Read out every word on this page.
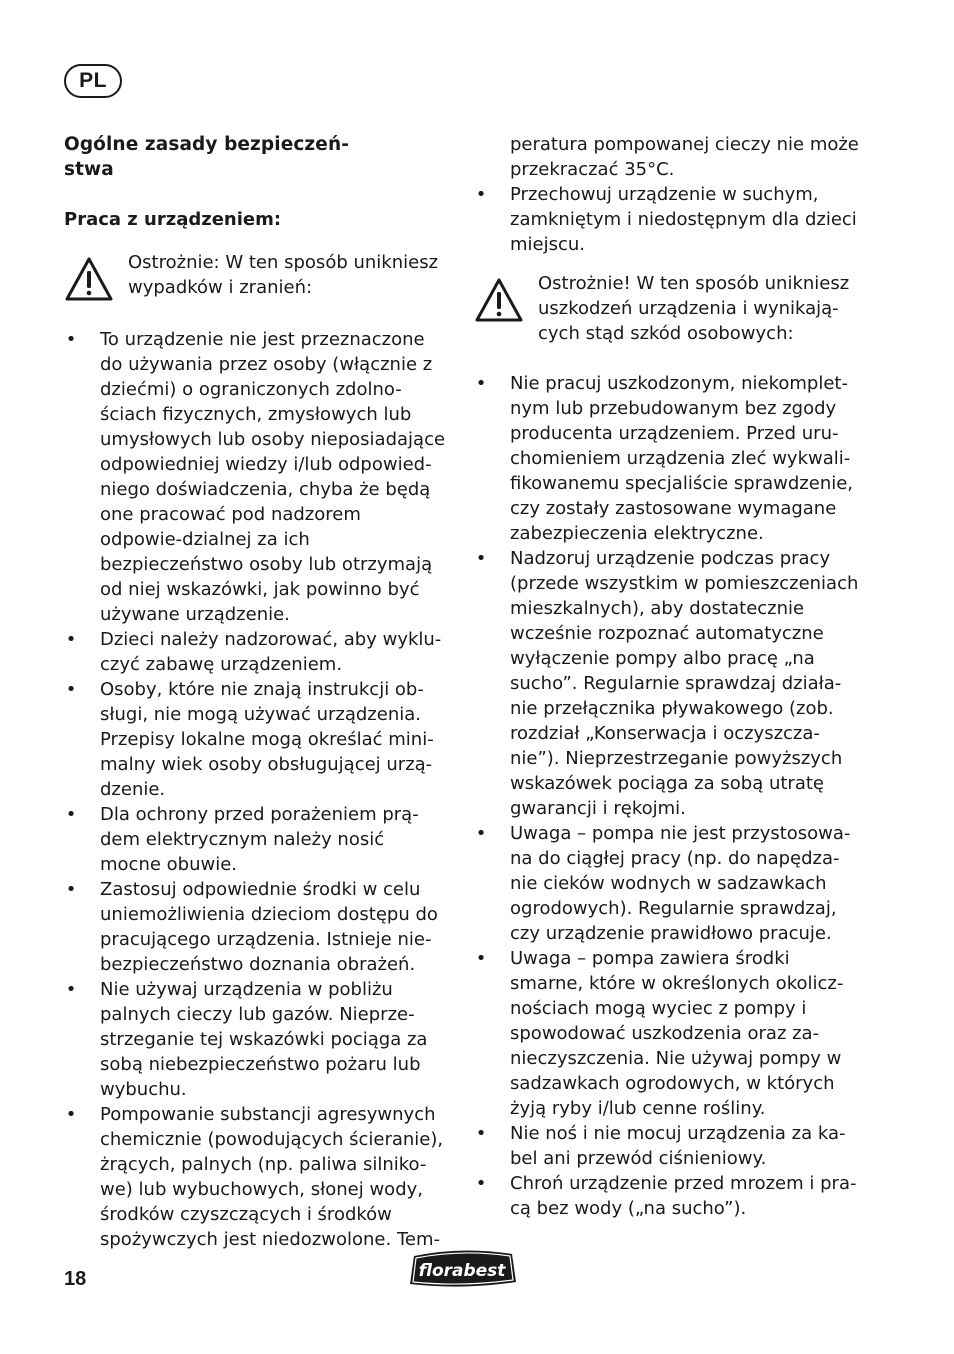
PL
Ogólne zasady bezpieczeń-
stwa
Praca z urządzeniem:
Ostrożnie: W ten sposób unikniesz wypadków i zranień:
• To urządzenie nie jest przeznaczone do używania przez osoby (włącznie z dziećmi) o ograniczonych zdolno-ściach fizycznych, zmysłowych lub umysłowych lub osoby nieposiadające odpowiedniej wiedzy i/lub odpowied-niego doświadczenia, chyba że będą one pracować pod nadzorem odpowie-dzialnej za ich bezpieczeństwo osoby lub otrzymają od niej wskazówki, jak powinno być używane urządzenie.
• Dzieci należy nadzorować, aby wyklu-czyć zabawę urządzeniem.
• Osoby, które nie znają instrukcji ob-sługi, nie mogą używać urządzenia. Przepisy lokalne mogą określać mini-malny wiek osoby obsługującej urzą-dzenie.
• Dla ochrony przed porażeniem prą-dem elektrycznym należy nosić mocne obuwie.
• Zastosuj odpowiednie środki w celu uniemożliwienia dzieciom dostępu do pracującego urządzenia. Istnieje nie-bezpieczeństwo doznania obrażeń.
• Nie używaj urządzenia w pobliżu palnych cieczy lub gazów. Nieprze-strzeganie tej wskazówki pociąga za sobą niebezpieczeństwo pożaru lub wybuchu.
• Pompowanie substancji agresywnych chemicznie (powodujących ścieranie), żrących, palnych (np. paliwa silniko-we) lub wybuchowych, słonej wody, środków czyszczących i środków spożywczych jest niedozwolone. Tem-
peratura pompowanej cieczy nie może przekraczać 35°C.
• Przechowuj urządzenie w suchym, zamkniętym i niedostępnym dla dzieci miejscu.
Ostrożnie! W ten sposób unikniesz uszkodzeń urządzenia i wynikają-cych stąd szkód osobowych:
• Nie pracuj uszkodzonym, niekomplet-nym lub przebudowanym bez zgody producenta urządzeniem. Przed uru-chomieniem urządzenia zleć wykwali-fikowanemu specjaliście sprawdzenie, czy zostały zastosowane wymagane zabezpieczenia elektryczne.
• Nadzoruj urządzenie podczas pracy (przede wszystkim w pomieszczeniach mieszkalnych), aby dostatecznie wcześnie rozpoznać automatyczne wyłączenie pompy albo pracę „na sucho”. Regularnie sprawdzaj działa-nie przełącznika pływakowego (zob. rozdział „Konserwacja i oczyszcza-nie”). Nieprzestrzeganie powyższych wskazówek pociąga za sobą utratę gwarancji i rękojmi.
• Uwaga – pompa nie jest przystosowa-na do ciągłej pracy (np. do napędza-nie cieków wodnych w sadzawkach ogrodowych). Regularnie sprawdzaj, czy urządzenie prawidłowo pracuje.
• Uwaga – pompa zawiera środki smarne, które w określonych okolicz-nościach mogą wyciec z pompy i spowodować uszkodzenia oraz za-nieczyszczenia. Nie używaj pompy w sadzawkach ogrodowych, w których żyją ryby i/lub cenne rośliny.
• Nie noś i nie mocuj urządzenia za ka-bel ani przewód ciśnieniowy.
• Chroń urządzenie przed mrozem i pra-cą bez wody („na sucho”).
18	florabest
